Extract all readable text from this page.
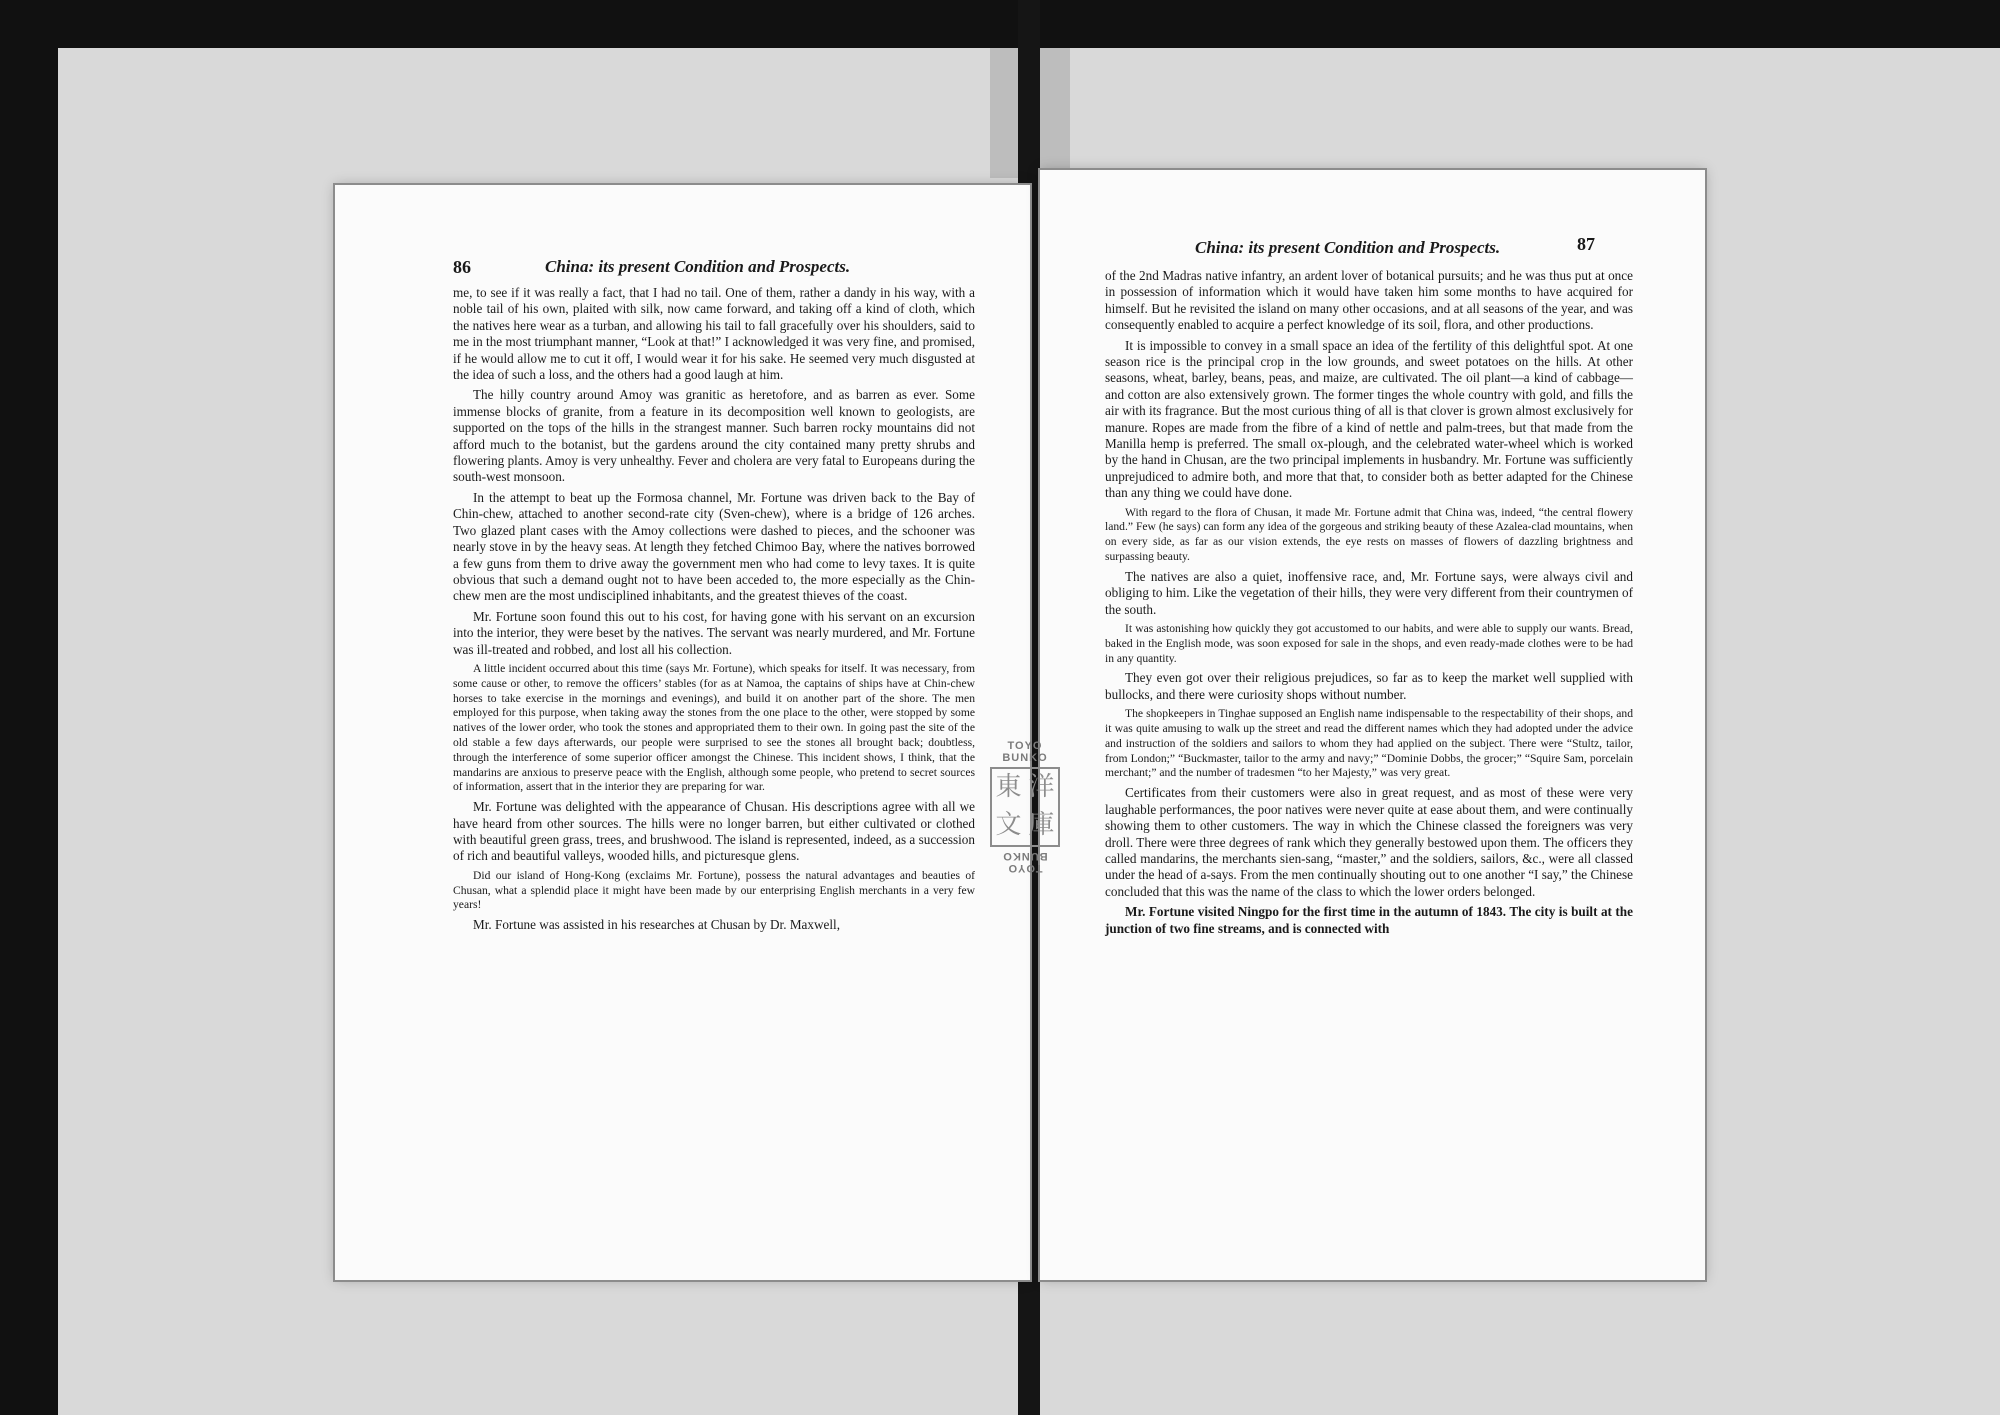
86	China: its present Condition and Prospects.

me, to see if it was really a fact, that I had no tail. One of them, rather a dandy in his way, with a noble tail of his own, plaited with silk, now came forward, and taking off a kind of cloth, which the natives here wear as a turban, and allowing his tail to fall gracefully over his shoulders, said to me in the most triumphant manner, “Look at that!” I acknowledged it was very fine, and promised, if he would allow me to cut it off, I would wear it for his sake. He seemed very much disgusted at the idea of such a loss, and the others had a good laugh at him.

The hilly country around Amoy was granitic as heretofore, and as barren as ever. Some immense blocks of granite, from a feature in its decomposition well known to geologists, are supported on the tops of the hills in the strangest manner. Such barren rocky mountains did not afford much to the botanist, but the gardens around the city contained many pretty shrubs and flowering plants. Amoy is very unhealthy. Fever and cholera are very fatal to Europeans during the south-west monsoon.

In the attempt to beat up the Formosa channel, Mr. Fortune was driven back to the Bay of Chin-chew, attached to another second-rate city (Sven-chew), where is a bridge of 126 arches. Two glazed plant cases with the Amoy collections were dashed to pieces, and the schooner was nearly stove in by the heavy seas. At length they fetched Chimoo Bay, where the natives borrowed a few guns from them to drive away the government men who had come to levy taxes. It is quite obvious that such a demand ought not to have been acceded to, the more especially as the Chin-chew men are the most undisciplined inhabitants, and the greatest thieves of the coast.

Mr. Fortune soon found this out to his cost, for having gone with his servant on an excursion into the interior, they were beset by the natives. The servant was nearly murdered, and Mr. Fortune was ill-treated and robbed, and lost all his collection.

A little incident occurred about this time (says Mr. Fortune), which speaks for itself. It was necessary, from some cause or other, to remove the officers’ stables (for as at Namoa, the captains of ships have at Chin-chew horses to take exercise in the mornings and evenings), and build it on another part of the shore. The men employed for this purpose, when taking away the stones from the one place to the other, were stopped by some natives of the lower order, who took the stones and appropriated them to their own. In going past the site of the old stable a few days afterwards, our people were surprised to see the stones all brought back; doubtless, through the interference of some superior officer amongst the Chinese. This incident shows, I think, that the mandarins are anxious to preserve peace with the English, although some people, who pretend to secret sources of information, assert that in the interior they are preparing for war.

Mr. Fortune was delighted with the appearance of Chusan. His descriptions agree with all we have heard from other sources. The hills were no longer barren, but either cultivated or clothed with beautiful green grass, trees, and brushwood. The island is represented, indeed, as a succession of rich and beautiful valleys, wooded hills, and picturesque glens.

Did our island of Hong-Kong (exclaims Mr. Fortune), possess the natural advantages and beauties of Chusan, what a splendid place it might have been made by our enterprising English merchants in a very few years!

Mr. Fortune was assisted in his researches at Chusan by Dr. Maxwell,

China: its present Condition and Prospects.	87

of the 2nd Madras native infantry, an ardent lover of botanical pursuits; and he was thus put at once in possession of information which it would have taken him some months to have acquired for himself. But he revisited the island on many other occasions, and at all seasons of the year, and was consequently enabled to acquire a perfect knowledge of its soil, flora, and other productions.

It is impossible to convey in a small space an idea of the fertility of this delightful spot. At one season rice is the principal crop in the low grounds, and sweet potatoes on the hills. At other seasons, wheat, barley, beans, peas, and maize, are cultivated. The oil plant—a kind of cabbage—and cotton are also extensively grown. The former tinges the whole country with gold, and fills the air with its fragrance. But the most curious thing of all is that clover is grown almost exclusively for manure. Ropes are made from the fibre of a kind of nettle and palm-trees, but that made from the Manilla hemp is preferred. The small ox-plough, and the celebrated water-wheel which is worked by the hand in Chusan, are the two principal implements in husbandry. Mr. Fortune was sufficiently unprejudiced to admire both, and more that that, to consider both as better adapted for the Chinese than any thing we could have done.

With regard to the flora of Chusan, it made Mr. Fortune admit that China was, indeed, “the central flowery land.” Few (he says) can form any idea of the gorgeous and striking beauty of these Azalea-clad mountains, when on every side, as far as our vision extends, the eye rests on masses of flowers of dazzling brightness and surpassing beauty.

The natives are also a quiet, inoffensive race, and, Mr. Fortune says, were always civil and obliging to him. Like the vegetation of their hills, they were very different from their countrymen of the south.

It was astonishing how quickly they got accustomed to our habits, and were able to supply our wants. Bread, baked in the English mode, was soon exposed for sale in the shops, and even ready-made clothes were to be had in any quantity.

They even got over their religious prejudices, so far as to keep the market well supplied with bullocks, and there were curiosity shops without number.

The shopkeepers in Tinghae supposed an English name indispensable to the respectability of their shops, and it was quite amusing to walk up the street and read the different names which they had adopted under the advice and instruction of the soldiers and sailors to whom they had applied on the subject. There were “Stultz, tailor, from London;” “Buckmaster, tailor to the army and navy;” “Dominie Dobbs, the grocer;” “Squire Sam, porcelain merchant;” and the number of tradesmen “to her Majesty,” was very great.

Certificates from their customers were also in great request, and as most of these were very laughable performances, the poor natives were never quite at ease about them, and were continually showing them to other customers. The way in which the Chinese classed the foreigners was very droll. There were three degrees of rank which they generally bestowed upon them. The officers they called mandarins, the merchants sien-sang, “master,” and the soldiers, sailors, &c., were all classed under the head of a-says. From the men continually shouting out to one another “I say,” the Chinese concluded that this was the name of the class to which the lower orders belonged.

Mr. Fortune visited Ningpo for the first time in the autumn of 1843. The city is built at the junction of two fine streams, and is connected with

TOYO BUNKO
東 洋
文 庫
TOYO BUNKO
